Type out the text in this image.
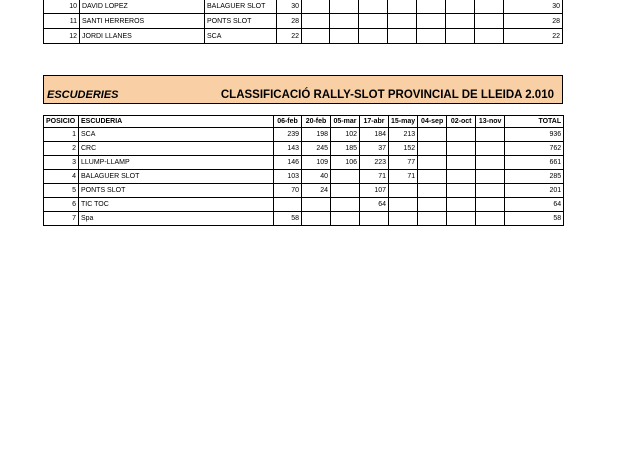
10	DAVID LOPEZ	BALAGUER SLOT	30								30
11	SANTI HERREROS	PONTS SLOT	28								28
12	JORDI LLANES	SCA	22								22
ESCUDERIES	CLASSIFICACIÓ RALLY-SLOT PROVINCIAL DE LLEIDA 2.010
POSICIO	ESCUDERIA	06-feb	20-feb	05-mar	17-abr	15-may	04-sep	02-oct	13-nov	TOTAL
1	SCA	239	198	102	184	213				936
2	CRC	143	245	185	37	152				762
3	LLUMP-LLAMP	146	109	106	223	77				661
4	BALAGUER SLOT	103	40		71	71				285
5	PONTS SLOT	70	24		107					201
6	TIC TOC				64					64
7	Spa	58								58
